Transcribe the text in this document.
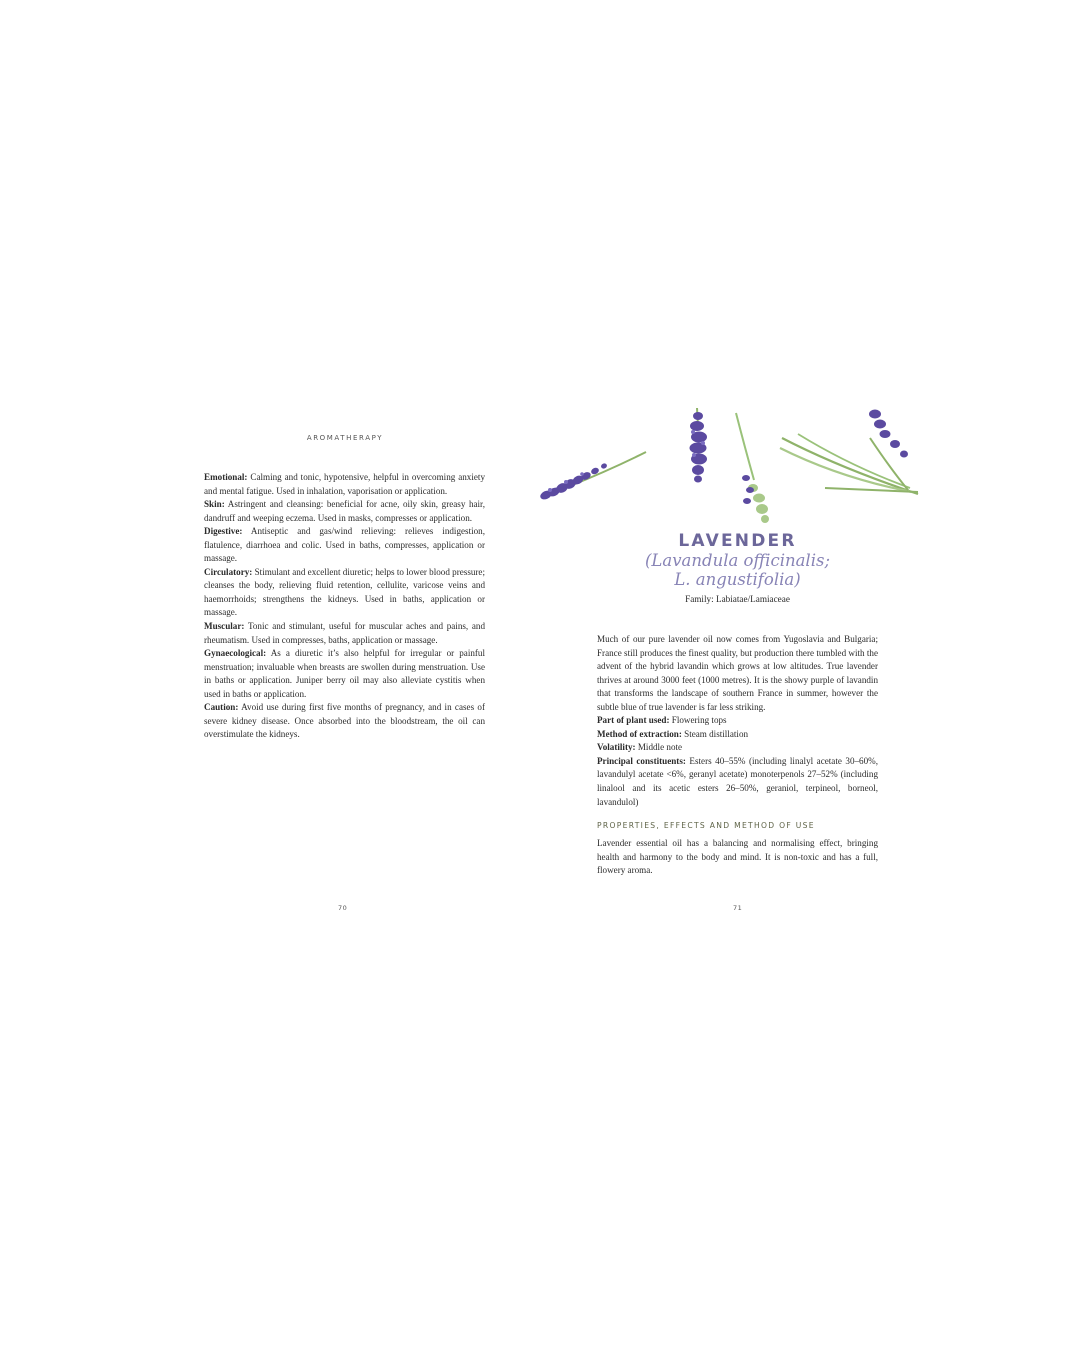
AROMATHERAPY

Emotional: Calming and tonic, hypotensive, helpful in overcoming anxiety and mental fatigue. Used in inhalation, vaporisation or application.

Skin: Astringent and cleansing: beneficial for acne, oily skin, greasy hair, dandruff and weeping eczema. Used in masks, compresses or application.

Digestive: Antiseptic and gas/wind relieving: relieves indigestion, flatulence, diarrhoea and colic. Used in baths, compresses, application or massage.

Circulatory: Stimulant and excellent diuretic; helps to lower blood pressure; cleanses the body, relieving fluid retention, cellulite, varicose veins and haemorrhoids; strengthens the kidneys. Used in baths, application or massage.

Muscular: Tonic and stimulant, useful for muscular aches and pains, and rheumatism. Used in compresses, baths, application or massage.

Gynaecological: As a diuretic it’s also helpful for irregular or painful menstruation; invaluable when breasts are swollen during menstruation. Use in baths or application. Juniper berry oil may also alleviate cystitis when used in baths or application.

Caution: Avoid use during first five months of pregnancy, and in cases of severe kidney disease. Once absorbed into the bloodstream, the oil can overstimulate the kidneys.

70
LAVENDER
(Lavandula officinalis;
L. angustifolia)
Family: Labiatae/Lamiaceae

Much of our pure lavender oil now comes from Yugoslavia and Bulgaria; France still produces the finest quality, but production there tumbled with the advent of the hybrid lavandin which grows at low altitudes. True lavender thrives at around 3000 feet (1000 metres). It is the showy purple of lavandin that transforms the landscape of southern France in summer, however the subtle blue of true lavender is far less striking.

Part of plant used: Flowering tops

Method of extraction: Steam distillation

Volatility: Middle note

Principal constituents: Esters 40–55% (including linalyl acetate 30–60%, lavandulyl acetate <6%, geranyl acetate) monoterpenols 27–52% (including linalool and its acetic esters 26–50%, geraniol, terpineol, borneol, lavandulol)

PROPERTIES, EFFECTS AND METHOD OF USE

Lavender essential oil has a balancing and normalising effect, bringing health and harmony to the body and mind. It is non-toxic and has a full, flowery aroma.

71
